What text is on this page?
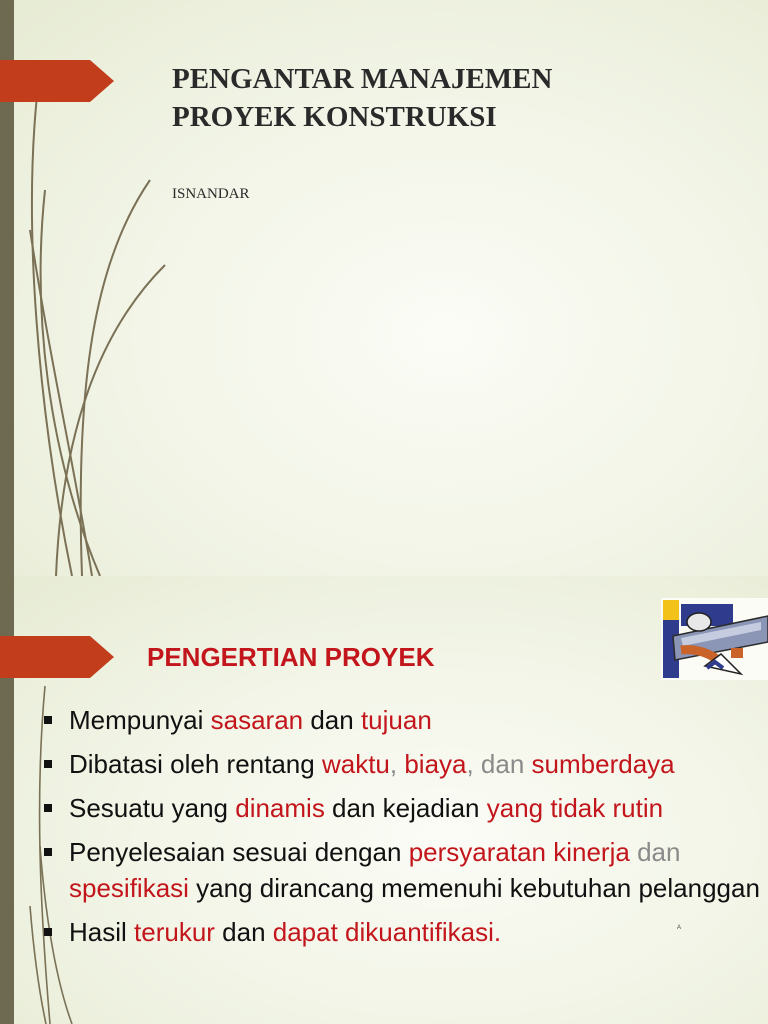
PENGANTAR MANAJEMEN
PROYEK KONSTRUKSI
ISNANDAR
PENGERTIAN PROYEK
Mempunyai sasaran dan tujuan
Dibatasi oleh rentang waktu, biaya, dan sumberdaya
Sesuatu yang dinamis dan kejadian yang tidak rutin
Penyelesaian sesuai dengan persyaratan kinerja dan spesifikasi yang dirancang memenuhi kebutuhan pelanggan
Hasil terukur dan dapat dikuantifikasi.	A
